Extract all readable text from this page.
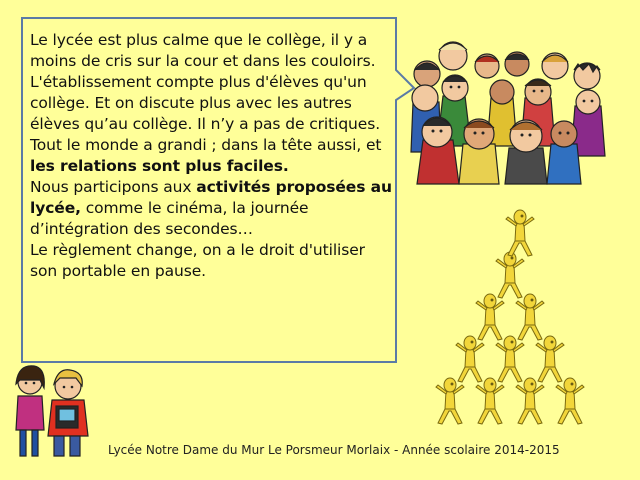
Le lycée est plus calme que le collège, il y a moins de cris sur la cour et dans les couloirs. L'établissement compte plus d'élèves qu'un collège. Et on discute plus avec les autres élèves qu’au collège. Il n’y a pas de critiques.
Tout le monde a grandi ; dans la tête aussi, et les relations sont plus faciles.
Nous participons aux activités proposées au lycée, comme le cinéma, la journée d’intégration des secondes…
Le règlement change, on a le droit d'utiliser son portable en pause.
Lycée Notre Dame du Mur Le Porsmeur Morlaix - Année scolaire 2014-2015
